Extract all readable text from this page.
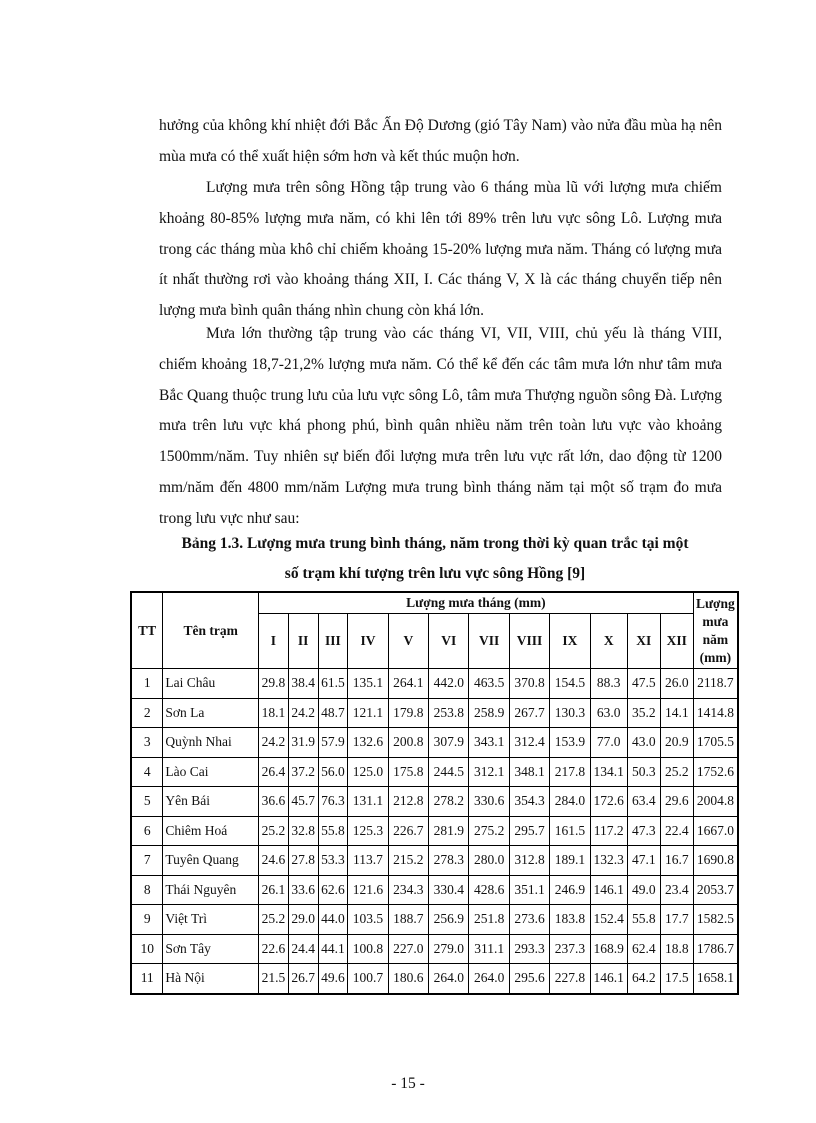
hưởng của không khí nhiệt đới Bắc Ấn Độ Dương (gió Tây Nam) vào nửa đầu mùa hạ nên mùa mưa có thể xuất hiện sớm hơn và kết thúc muộn hơn.

Lượng mưa trên sông Hồng tập trung vào 6 tháng mùa lũ với lượng mưa chiếm khoảng 80-85% lượng mưa năm, có khi lên tới 89% trên lưu vực sông Lô. Lượng mưa trong các tháng mùa khô chỉ chiếm khoảng 15-20% lượng mưa năm. Tháng có lượng mưa ít nhất thường rơi vào khoảng tháng XII, I. Các tháng V, X là các tháng chuyển tiếp nên lượng mưa bình quân tháng nhìn chung còn khá lớn.

Mưa lớn thường tập trung vào các tháng VI, VII, VIII, chủ yếu là tháng VIII, chiếm khoảng 18,7-21,2% lượng mưa năm. Có thể kể đến các tâm mưa lớn như tâm mưa Bắc Quang thuộc trung lưu của lưu vực sông Lô, tâm mưa Thượng nguồn sông Đà. Lượng mưa trên lưu vực khá phong phú, bình quân nhiều năm trên toàn lưu vực vào khoảng 1500mm/năm. Tuy nhiên sự biến đổi lượng mưa trên lưu vực rất lớn, dao động từ 1200 mm/năm đến 4800 mm/năm Lượng mưa trung bình tháng năm tại một số trạm đo mưa trong lưu vực như sau:

Bảng 1.3. Lượng mưa trung bình tháng, năm trong thời kỳ quan trắc tại một

số trạm khí tượng trên lưu vực sông Hồng [9]

TT	Tên trạm	Lượng mưa tháng (mm)												Lượng mưa năm (mm)
		I	II	III	IV	V	VI	VII	VIII	IX	X	XI	XII	
1	Lai Châu	29.8	38.4	61.5	135.1	264.1	442.0	463.5	370.8	154.5	88.3	47.5	26.0	2118.7
2	Sơn La	18.1	24.2	48.7	121.1	179.8	253.8	258.9	267.7	130.3	63.0	35.2	14.1	1414.8
3	Quỳnh Nhai	24.2	31.9	57.9	132.6	200.8	307.9	343.1	312.4	153.9	77.0	43.0	20.9	1705.5
4	Lào Cai	26.4	37.2	56.0	125.0	175.8	244.5	312.1	348.1	217.8	134.1	50.3	25.2	1752.6
5	Yên Bái	36.6	45.7	76.3	131.1	212.8	278.2	330.6	354.3	284.0	172.6	63.4	29.6	2004.8
6	Chiêm Hoá	25.2	32.8	55.8	125.3	226.7	281.9	275.2	295.7	161.5	117.2	47.3	22.4	1667.0
7	Tuyên Quang	24.6	27.8	53.3	113.7	215.2	278.3	280.0	312.8	189.1	132.3	47.1	16.7	1690.8
8	Thái Nguyên	26.1	33.6	62.6	121.6	234.3	330.4	428.6	351.1	246.9	146.1	49.0	23.4	2053.7
9	Việt Trì	25.2	29.0	44.0	103.5	188.7	256.9	251.8	273.6	183.8	152.4	55.8	17.7	1582.5
10	Sơn Tây	22.6	24.4	44.1	100.8	227.0	279.0	311.1	293.3	237.3	168.9	62.4	18.8	1786.7
11	Hà Nội	21.5	26.7	49.6	100.7	180.6	264.0	264.0	295.6	227.8	146.1	64.2	17.5	1658.1
- 15 -
